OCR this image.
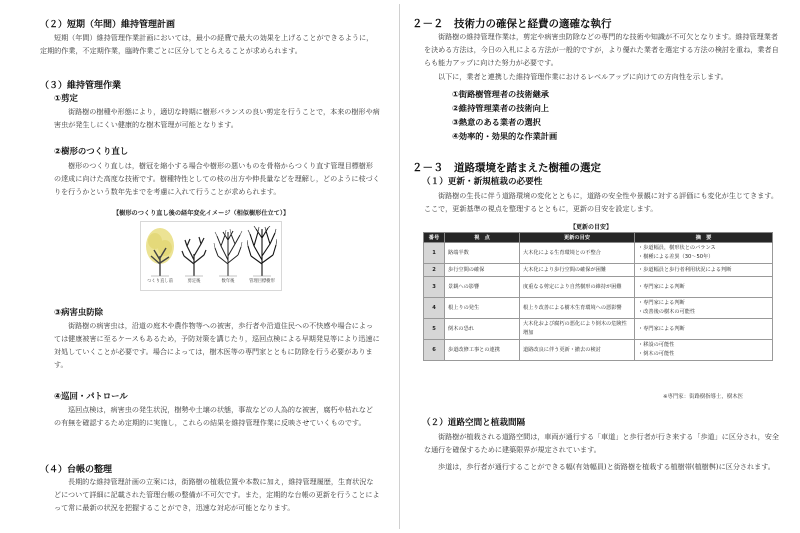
（２）短期（年間）維持管理計画
短期（年間）維持管理作業計画においては，最小の経費で最大の効果を上げることができるように，定期的作業，不定期作業，臨時作業ごとに区分してとらえることが求められます。
（３）維持管理作業
①剪定
街路樹の樹種や形態により，適切な時期に樹形バランスの良い剪定を行うことで，本来の樹形や病害虫が発生しにくい健康的な樹木管理が可能となります。
②樹形のつくり直し
樹形のつくり直しは，樹冠を縮小する場合や樹形の悪いものを骨格からつくり直す管理目標樹形の達成に向けた高度な技術です。樹種特性としての枝の出方や伸長量などを理解し，どのように枝づくりを行うかという数年先までを考慮に入れて行うことが求められます。
【樹形のつくり直し後の経年変化イメージ（相似樹形仕立て）】
つくり直し前	剪定後	数年後	管理目標樹形
③病害虫防除
街路樹の病害虫は，沿道の庭木や農作物等への被害，歩行者や沿道住民への不快感や場合によっては健康被害に至るケースもあるため，予防対策を講じたり，巡回点検による早期発見等により迅速に対処していくことが必要です。場合によっては，樹木医等の専門家とともに防除を行う必要があります。
④巡回・パトロール
巡回点検は，病害虫の発生状況，樹勢や土壌の状態，事故などの人為的な被害，腐朽や枯れなどの有無を確認するため定期的に実施し，これらの結果を維持管理作業に反映させていくものです。
（４）台帳の整理
長期的な維持管理計画の立案には，街路樹の植栽位置や本数に加え，維持管理履歴，生育状況などについて詳細に記載された管理台帳の整備が不可欠です。また，定期的な台帳の更新を行うことによって常に最新の状況を把握することができ，迅速な対応が可能となります。
２－２　技術力の確保と経費の適確な執行
街路樹の維持管理作業は，剪定や病害虫防除などの専門的な技術や知識が不可欠となります。維持管理業者を決める方法は，今日の入札による方法が一般的ですが，より優れた業者を選定する方法の検討を重ね，業者自らも能力アップに向けた努力が必要です。
以下に，業者と連携した維持管理作業におけるレベルアップに向けての方向性を示します。
①街路樹管理者の技術継承
②維持管理業者の技術向上
③熱意のある業者の選択
④効率的・効果的な作業計画
２－３　道路環境を踏まえた樹種の選定
（１）更新・新規植栽の必要性
街路樹の生長に伴う道路環境の変化とともに，道路の安全性や景観に対する評価にも変化が生じてきます。ここで，更新基準の視点を整理するとともに，更新の目安を設定します。
【更新の目安】
番号	視　点	更新の目安	摘　要
1	路端半数	大木化による生育環境との不整合	・歩道幅員，樹形状とのバランス
・樹種による差異（30～50年）

2	歩行空間の確保	大木化により歩行空間の確保が困難	・歩道幅員と歩行者利用状況による判断

3	景観への影響	度重なる剪定により自然樹形の維持が困難	・専門家による判断

4	根上りの発生	根上り改善による樹木生育環境への悪影響	・専門家による判断
・改善後の樹木の可能性

5	倒木の恐れ	大木化および腐朽の悪化により倒木の危険性増加	・専門家による判断

6	歩道改修工事との連携	道路改良に伴う更新・撤去の検討	・移設の可能性
・倒木の可能性
※専門家：街路樹指導士，樹木医
（２）道路空間と植栽間隔
街路樹が植栽される道路空間は，車両が通行する「車道」と歩行者が行き来する「歩道」に区分され，安全な通行を確保するために建築限界が規定されています。
歩道は，歩行者が通行することができる幅(有効幅員)と街路樹を植栽する植樹帯(植樹桝)に区分されます。
